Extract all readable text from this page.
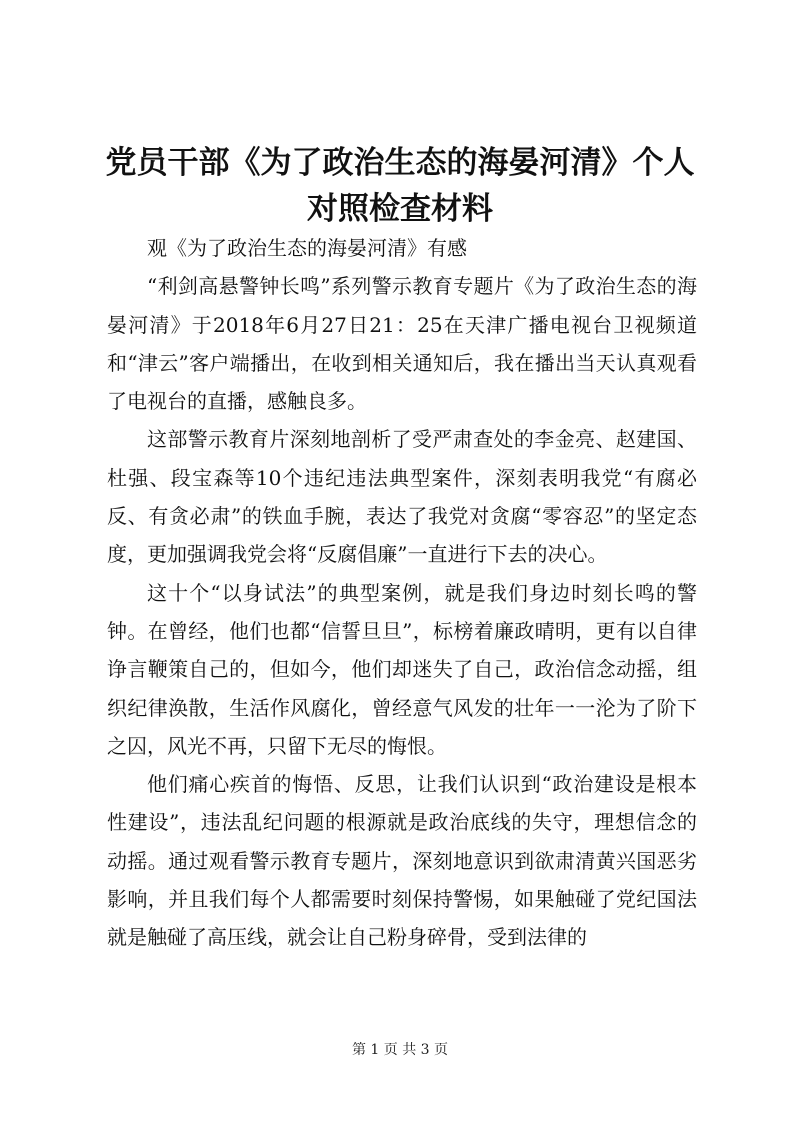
党员干部《为了政治生态的海晏河清》个人对照检查材料

观《为了政治生态的海晏河清》有感

“利剑高悬警钟长鸣”系列警示教育专题片《为了政治生态的海晏河清》于2018年6月27日21：25在天津广播电视台卫视频道和“津云”客户端播出，在收到相关通知后，我在播出当天认真观看了电视台的直播，感触良多。

这部警示教育片深刻地剖析了受严肃查处的李金亮、赵建国、杜强、段宝森等10个违纪违法典型案件，深刻表明我党“有腐必反、有贪必肃”的铁血手腕，表达了我党对贪腐“零容忍”的坚定态度，更加强调我党会将“反腐倡廉”一直进行下去的决心。

这十个“以身试法”的典型案例，就是我们身边时刻长鸣的警钟。在曾经，他们也都“信誓旦旦”，标榜着廉政晴明，更有以自律诤言鞭策自己的，但如今，他们却迷失了自己，政治信念动摇，组织纪律涣散，生活作风腐化，曾经意气风发的壮年一一沦为了阶下之囚，风光不再，只留下无尽的悔恨。

他们痛心疾首的悔悟、反思，让我们认识到“政治建设是根本性建设”，违法乱纪问题的根源就是政治底线的失守，理想信念的动摇。通过观看警示教育专题片，深刻地意识到欲肃清黄兴国恶劣影响，并且我们每个人都需要时刻保持警惕，如果触碰了党纪国法就是触碰了高压线，就会让自己粉身碎骨，受到法律的

第 1 页 共 3 页
